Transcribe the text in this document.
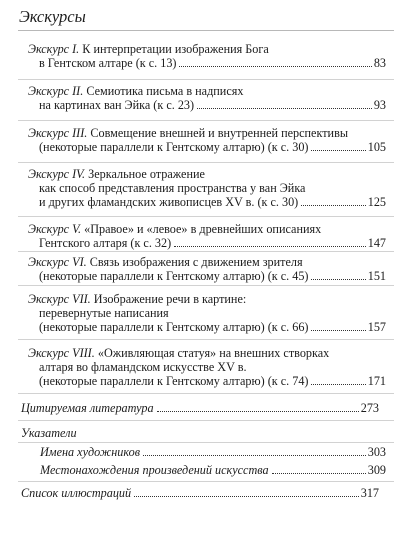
Экскурсы
Экскурс I. К интерпретации изображения Бога
в Гентском алтаре (к с. 13)	83
Экскурс II. Семиотика письма в надписях
на картинах ван Эйка (к с. 23)	93
Экскурс III. Совмещение внешней и внутренней перспективы
(некоторые параллели к Гентскому алтарю) (к с. 30)	105
Экскурс IV. Зеркальное отражение
как способ представления пространства у ван Эйка
и других фламандских живописцев XV в. (к с. 30)	125
Экскурс V. «Правое» и «левое» в древнейших описаниях
Гентского алтаря (к с. 32)	147
Экскурс VI. Связь изображения с движением зрителя
(некоторые параллели к Гентскому алтарю) (к с. 45)	151
Экскурс VII. Изображение речи в картине:
перевернутые написания
(некоторые параллели к Гентскому алтарю) (к с. 66)	157
Экскурс VIII. «Оживляющая статуя» на внешних створках
алтаря во фламандском искусстве XV в.
(некоторые параллели к Гентскому алтарю) (к с. 74)	171
Цитируемая литература	273
Указатели
Имена художников	303
Местонахождения произведений искусства	309
Список иллюстраций	317
